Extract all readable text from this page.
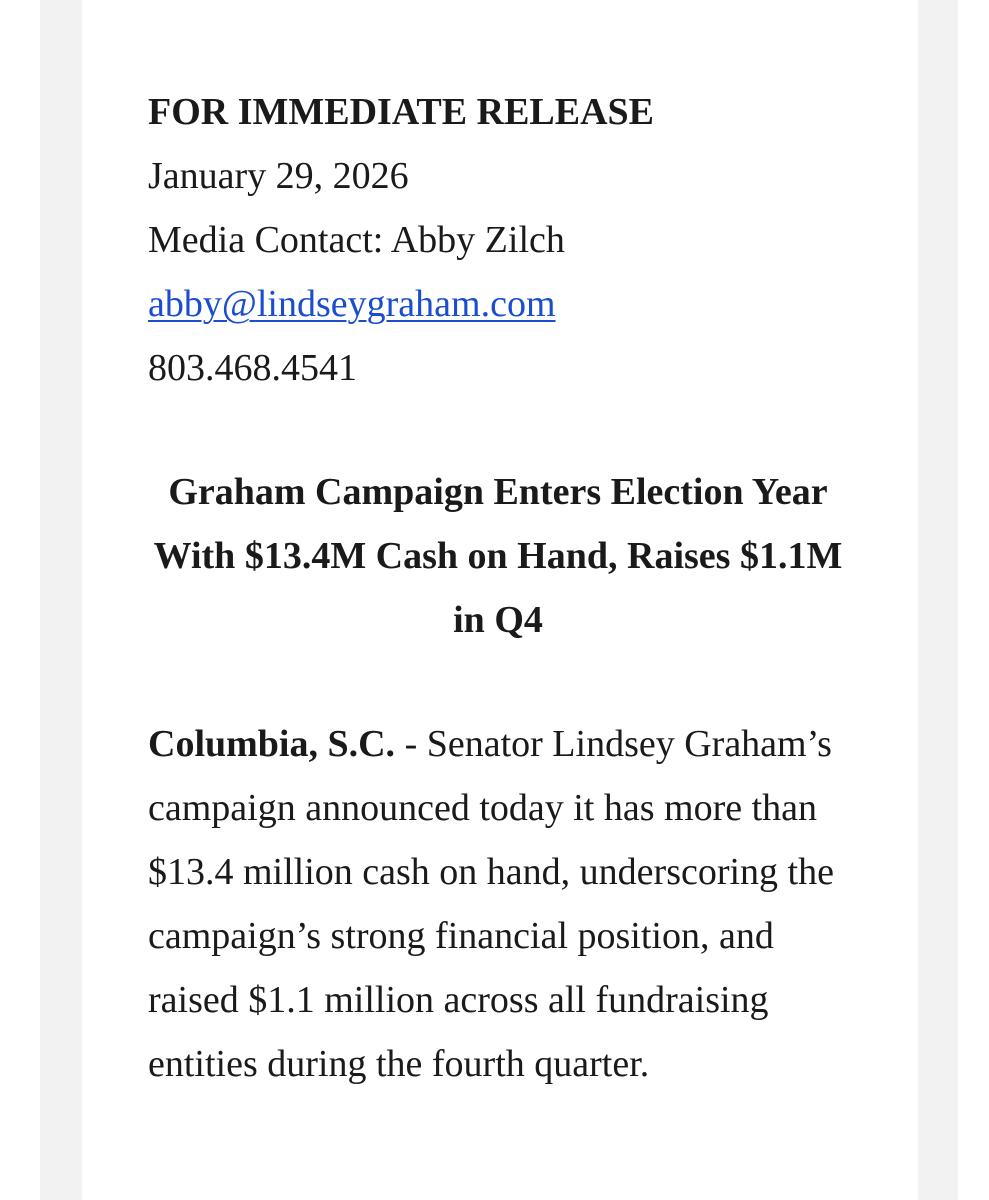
FOR IMMEDIATE RELEASE

January 29, 2026
Media Contact: Abby Zilch
abby@lindseygraham.com
803.468.4541

Graham Campaign Enters Election Year With $13.4M Cash on Hand, Raises $1.1M in Q4

Columbia, S.C. - Senator Lindsey Graham’s campaign announced today it has more than $13.4 million cash on hand, underscoring the campaign’s strong financial position, and raised $1.1 million across all fundraising entities during the fourth quarter.
